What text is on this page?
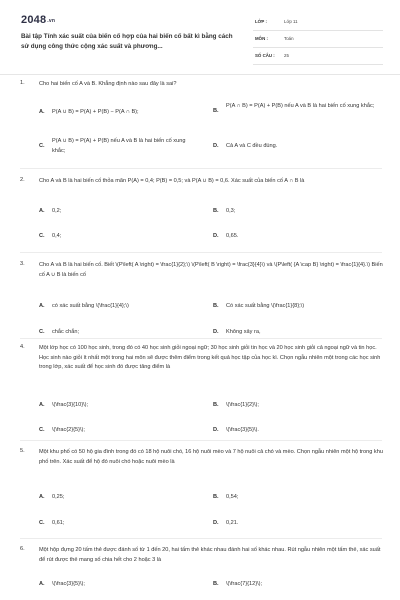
2048.vn
Bài tập Tính xác suất của biến cố hợp của hai biến cố bất kì bằng cách sử dụng công thức cộng xác suất và phương...
LỚP :	Lớp 11
MÔN :	Toán
SỐ CÂU : 25
1.	Cho hai biến cố A và B. Khẳng định nào sau đây là sai?
A. P(A ∪ B) = P(A) + P(B) − P(A ∩ B);	B.
P(A ∩ B) = P(A) + P(B) nếu A và B là hai biến cố xung khắc;
C.
P(A ∪ B) = P(A) + P(B) nếu A và B là hai biến cố xung khắc;
D. Cả A và C đều đúng.
2.	Cho A và B là hai biến cố thỏa mãn P(A) = 0,4; P(B) = 0,5; và P(A ∪ B) = 0,6. Xác suất của biến cố A ∩ B là
A. 0,2;	B. 0,3;
C. 0,4;	D. 0,65.
3.	Cho A và B là hai biến cố. Biết \(P\left( A \right) = \frac{1}{2};\) \(P\left( B \right) = \frac{3}{4}\) và \(P\left( {A \cap B} \right) = \frac{1}{4}.\) Biến cố A ∪ B là biến cố
A. có xác suất bằng \(\frac{1}{4};\)	B. Có xác suất bằng \(\frac{1}{8};\)
C. chắc chắn;	D. Không xảy ra,
4.	Một lớp học có 100 học sinh, trong đó có 40 học sinh giỏi ngoại ngữ; 30 học sinh giỏi tin học và 20 học sinh giỏi cả ngoại ngữ và tin học. Học sinh nào giỏi ít nhất một trong hai môn sẽ được thêm điểm trong kết quả học tập của học kì. Chọn ngẫu nhiên một trong các học sinh trong lớp, xác suất để học sinh đó được tăng điểm là
A. \(\frac{3}{10}\);	B. \(\frac{1}{2}\);
C. \(\frac{2}{5}\);	D. \(\frac{3}{5}\).
5.	Một khu phố có 50 hộ gia đình trong đó có 18 hộ nuôi chó, 16 hộ nuôi mèo và 7 hộ nuôi cả chó và mèo. Chọn ngẫu nhiên một hộ trong khu phố trên. Xác suất để hộ đó nuôi chó hoặc nuôi mèo là
A. 0,25;	B. 0,54;
C. 0,61;	D. 0,21.
6.	Một hộp đựng 20 tấm thẻ được đánh số từ 1 đến 20, hai tấm thẻ khác nhau đánh hai số khác nhau. Rút ngẫu nhiên một tấm thẻ, xác suất để rút được thẻ mang số chia hết cho 2 hoặc 3 là
A. \(\frac{3}{5}\);	B. \(\frac{7}{12}\);
